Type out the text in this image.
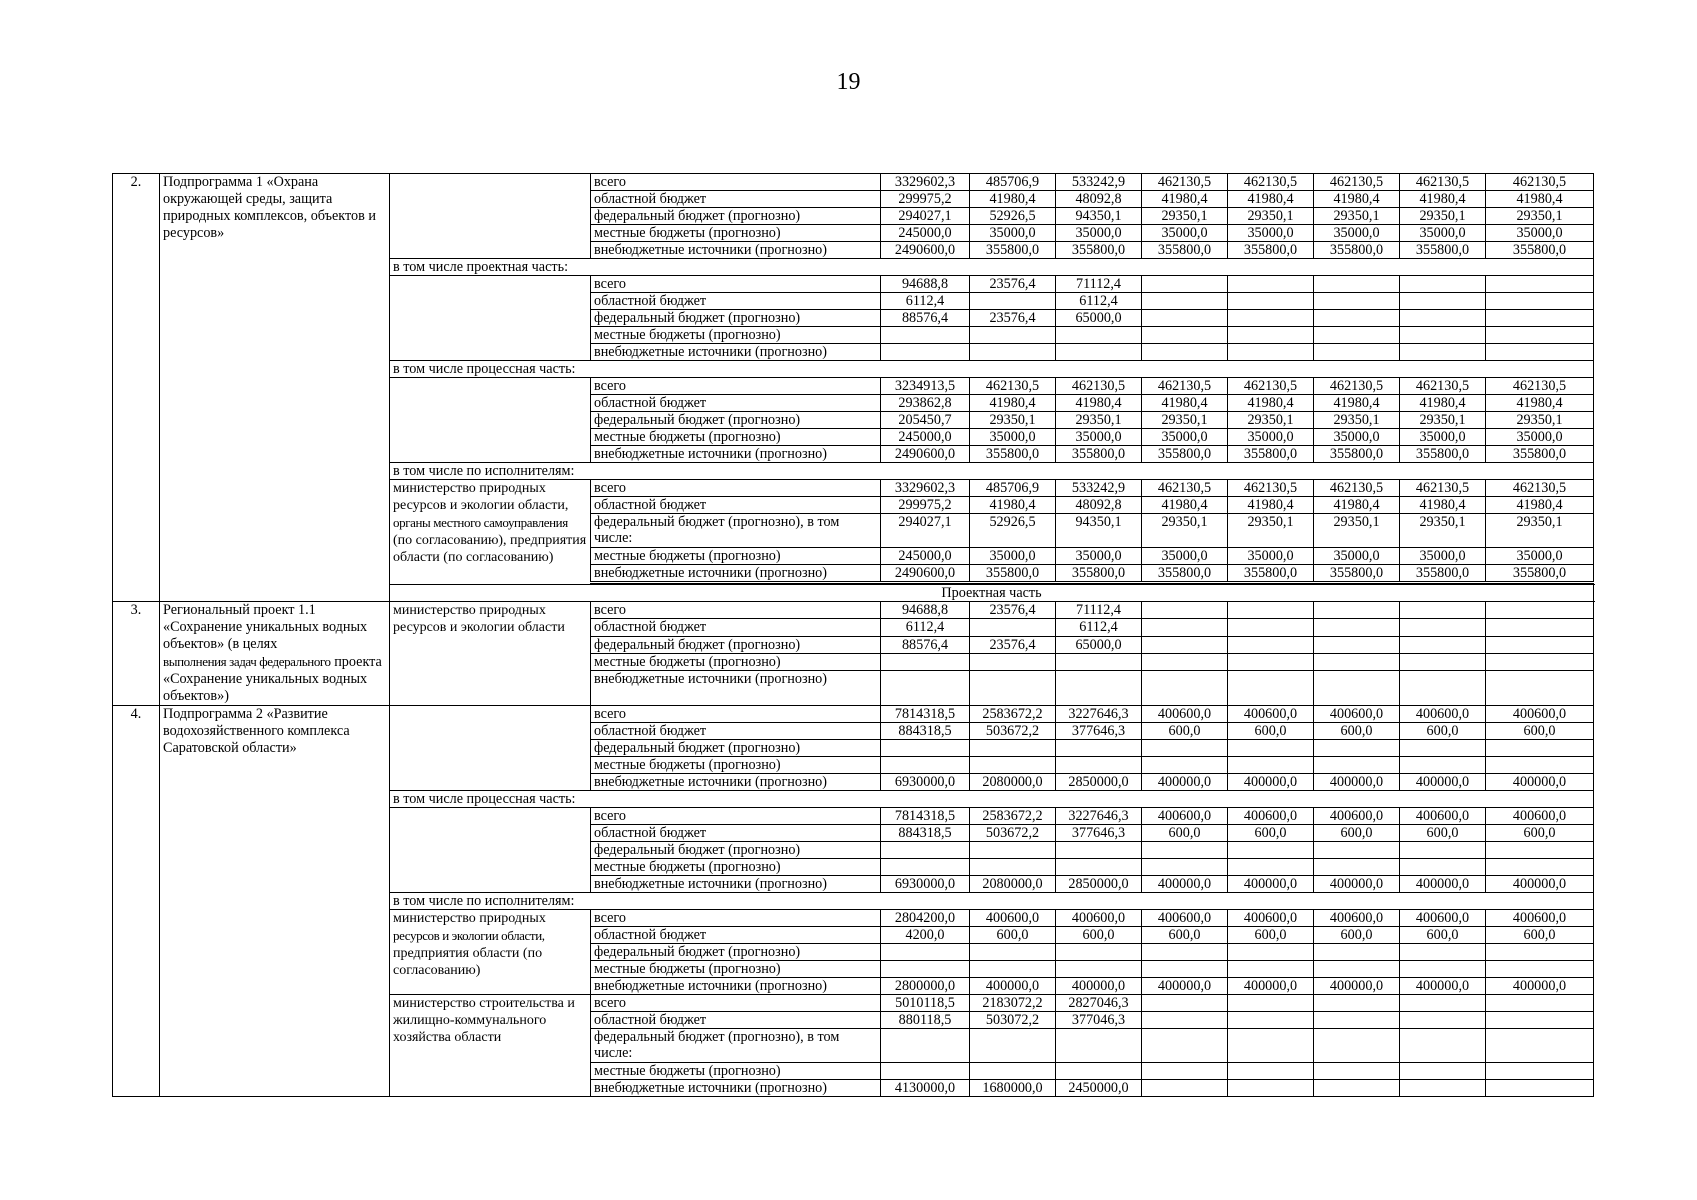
19
2.	Подпрограмма 1 «Охрана окружающей среды, защита природных комплексов, объектов и ресурсов»		всего	3329602,3	485706,9	533242,9	462130,5	462130,5	462130,5	462130,5	462130,5
			областной бюджет	299975,2	41980,4	48092,8	41980,4	41980,4	41980,4	41980,4	41980,4
			федеральный бюджет (прогнозно)	294027,1	52926,5	94350,1	29350,1	29350,1	29350,1	29350,1	29350,1
			местные бюджеты (прогнозно)	245000,0	35000,0	35000,0	35000,0	35000,0	35000,0	35000,0	35000,0
			внебюджетные источники (прогнозно)	2490600,0	355800,0	355800,0	355800,0	355800,0	355800,0	355800,0	355800,0
		в том числе проектная часть:									
			всего	94688,8	23576,4	71112,4					
			областной бюджет	6112,4		6112,4					
			федеральный бюджет (прогнозно)	88576,4	23576,4	65000,0					
			местные бюджеты (прогнозно)								
			внебюджетные источники (прогнозно)								
		в том числе процессная часть:									
			всего	3234913,5	462130,5	462130,5	462130,5	462130,5	462130,5	462130,5	462130,5
			областной бюджет	293862,8	41980,4	41980,4	41980,4	41980,4	41980,4	41980,4	41980,4
			федеральный бюджет (прогнозно)	205450,7	29350,1	29350,1	29350,1	29350,1	29350,1	29350,1	29350,1
			местные бюджеты (прогнозно)	245000,0	35000,0	35000,0	35000,0	35000,0	35000,0	35000,0	35000,0
			внебюджетные источники (прогнозно)	2490600,0	355800,0	355800,0	355800,0	355800,0	355800,0	355800,0	355800,0
		в том числе по исполнителям:									
		министерство природных ресурсов и экологии области, органы местного самоуправления (по согласованию), предприятия области (по согласованию)	всего	3329602,3	485706,9	533242,9	462130,5	462130,5	462130,5	462130,5	462130,5
			областной бюджет	299975,2	41980,4	48092,8	41980,4	41980,4	41980,4	41980,4	41980,4
			федеральный бюджет (прогнозно), в том числе:	294027,1	52926,5	94350,1	29350,1	29350,1	29350,1	29350,1	29350,1
			местные бюджеты (прогнозно)	245000,0	35000,0	35000,0	35000,0	35000,0	35000,0	35000,0	35000,0
			внебюджетные источники (прогнозно)	2490600,0	355800,0	355800,0	355800,0	355800,0	355800,0	355800,0	355800,0

		Проектная часть									
3.	Региональный проект 1.1 «Сохранение уникальных водных объектов» (в целях выполнения задач федерального проекта «Сохранение уникальных водных объектов»)	министерство природных ресурсов и экологии области	всего	94688,8	23576,4	71112,4					
			областной бюджет	6112,4		6112,4					
			федеральный бюджет (прогнозно)	88576,4	23576,4	65000,0					
			местные бюджеты (прогнозно)								
			внебюджетные источники (прогнозно)								
4.	Подпрограмма 2 «Развитие водохозяйственного комплекса Саратовской области»		всего	7814318,5	2583672,2	3227646,3	400600,0	400600,0	400600,0	400600,0	400600,0
			областной бюджет	884318,5	503672,2	377646,3	600,0	600,0	600,0	600,0	600,0
			федеральный бюджет (прогнозно)								
			местные бюджеты (прогнозно)								
			внебюджетные источники (прогнозно)	6930000,0	2080000,0	2850000,0	400000,0	400000,0	400000,0	400000,0	400000,0
		в том числе процессная часть:									
			всего	7814318,5	2583672,2	3227646,3	400600,0	400600,0	400600,0	400600,0	400600,0
			областной бюджет	884318,5	503672,2	377646,3	600,0	600,0	600,0	600,0	600,0
			федеральный бюджет (прогнозно)								
			местные бюджеты (прогнозно)								
			внебюджетные источники (прогнозно)	6930000,0	2080000,0	2850000,0	400000,0	400000,0	400000,0	400000,0	400000,0
		в том числе по исполнителям:									
		министерство природных ресурсов и экологии области, предприятия области (по согласованию)	всего	2804200,0	400600,0	400600,0	400600,0	400600,0	400600,0	400600,0	400600,0
			областной бюджет	4200,0	600,0	600,0	600,0	600,0	600,0	600,0	600,0
			федеральный бюджет (прогнозно)								
			местные бюджеты (прогнозно)								
			внебюджетные источники (прогнозно)	2800000,0	400000,0	400000,0	400000,0	400000,0	400000,0	400000,0	400000,0
		министерство строительства и жилищно-коммунального хозяйства области	всего	5010118,5	2183072,2	2827046,3					
			областной бюджет	880118,5	503072,2	377046,3					
			федеральный бюджет (прогнозно), в том числе:								
			местные бюджеты (прогнозно)								
			внебюджетные источники (прогнозно)	4130000,0	1680000,0	2450000,0					
